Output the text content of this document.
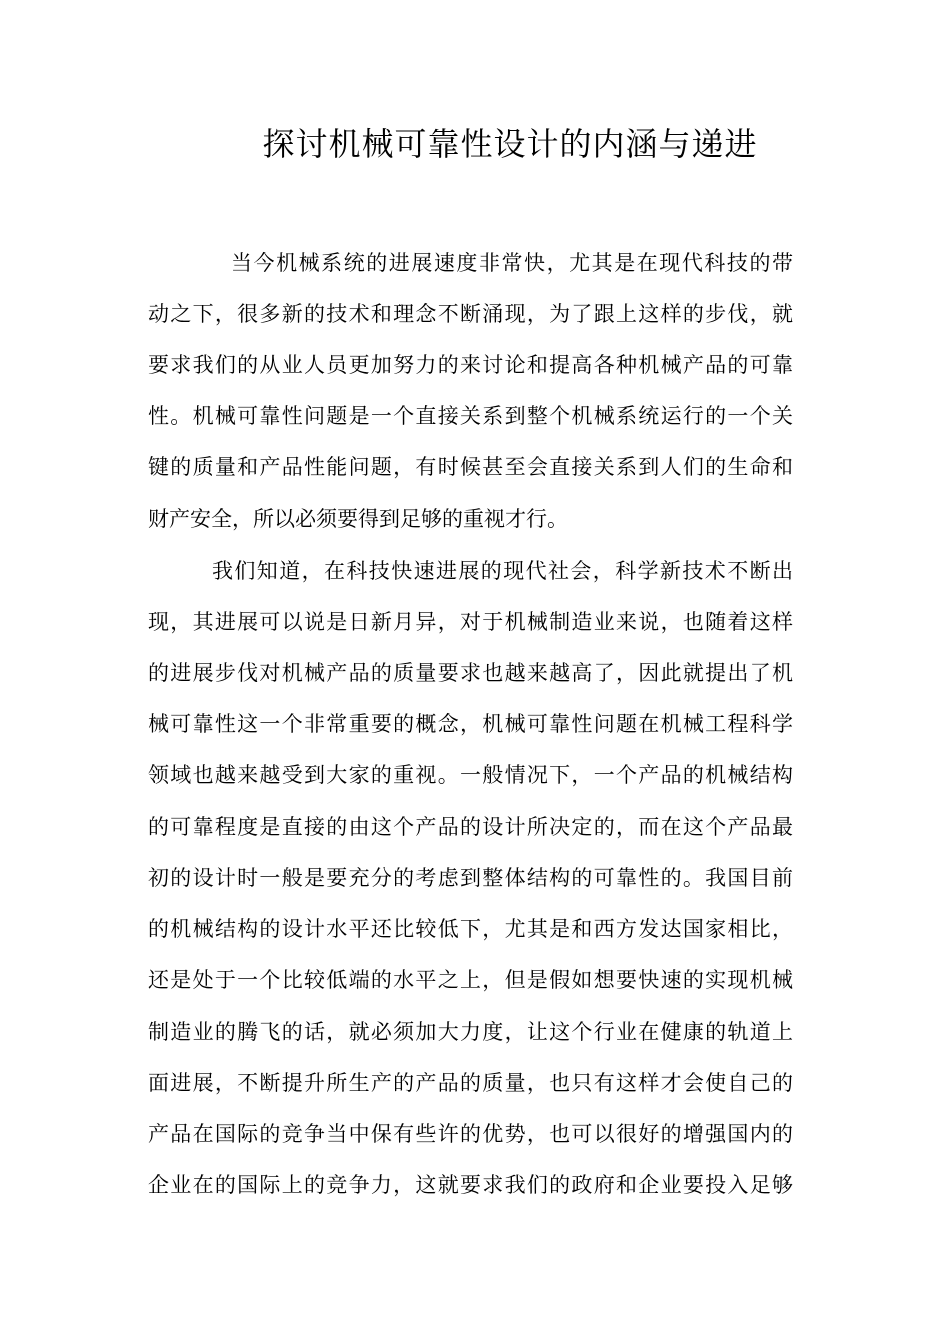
探讨机械可靠性设计的内涵与递进
当今机械系统的进展速度非常快，尤其是在现代科技的带
动之下，很多新的技术和理念不断涌现，为了跟上这样的步伐，就
要求我们的从业人员更加努力的来讨论和提高各种机械产品的可靠
性。机械可靠性问题是一个直接关系到整个机械系统运行的一个关
键的质量和产品性能问题，有时候甚至会直接关系到人们的生命和
财产安全，所以必须要得到足够的重视才行。
我们知道，在科技快速进展的现代社会，科学新技术不断出
现，其进展可以说是日新月异，对于机械制造业来说，也随着这样
的进展步伐对机械产品的质量要求也越来越高了，因此就提出了机
械可靠性这一个非常重要的概念，机械可靠性问题在机械工程科学
领域也越来越受到大家的重视。一般情况下，一个产品的机械结构
的可靠程度是直接的由这个产品的设计所决定的，而在这个产品最
初的设计时一般是要充分的考虑到整体结构的可靠性的。我国目前
的机械结构的设计水平还比较低下，尤其是和西方发达国家相比，
还是处于一个比较低端的水平之上，但是假如想要快速的实现机械
制造业的腾飞的话，就必须加大力度，让这个行业在健康的轨道上
面进展，不断提升所生产的产品的质量，也只有这样才会使自己的
产品在国际的竞争当中保有些许的优势，也可以很好的增强国内的
企业在的国际上的竞争力，这就要求我们的政府和企业要投入足够
